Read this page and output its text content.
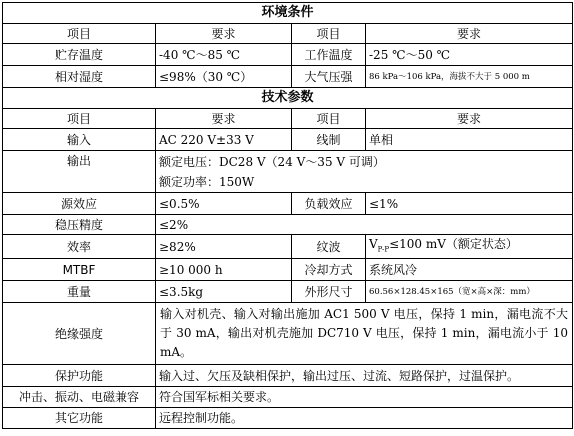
环境条件			
项目	要求	项目	要求
贮存温度	-40 ℃～85 ℃	工作温度	-25 ℃～50 ℃
相对湿度	≤98%（30 ℃）	大气压强	86 kPa～106 kPa，海拔不大于 5 000 m
技术参数			
项目	要求	项目	要求
输入	AC 220 V±33 V	线制	单相
输出	额定电压：DC28 V（24 V～35 V 可调）
额定功率：150W		

源效应	≤0.5%	负载效应	≤1%
稳压精度	≤2%		
效率	≥82%	纹波	$V_{P-P}\le 100$ mV（额定状态）
MTBF	≥10 000 h	冷却方式	系统风冷
重量	≤3.5kg	外形尺寸	60.56×128.45×165（宽×高×深：mm）
绝缘强度	输入对机壳、输入对输出施加 AC1 500 V 电压，保持 1 min，漏电流不大于 30 mA，输出对机壳施加 DC710 V 电压，保持 1 min，漏电流小于 10 mA。		
保护功能	输入过、欠压及缺相保护，输出过压、过流、短路保护，过温保护。		
冲击、振动、电磁兼容	符合国军标相关要求。		
其它功能	远程控制功能。		
